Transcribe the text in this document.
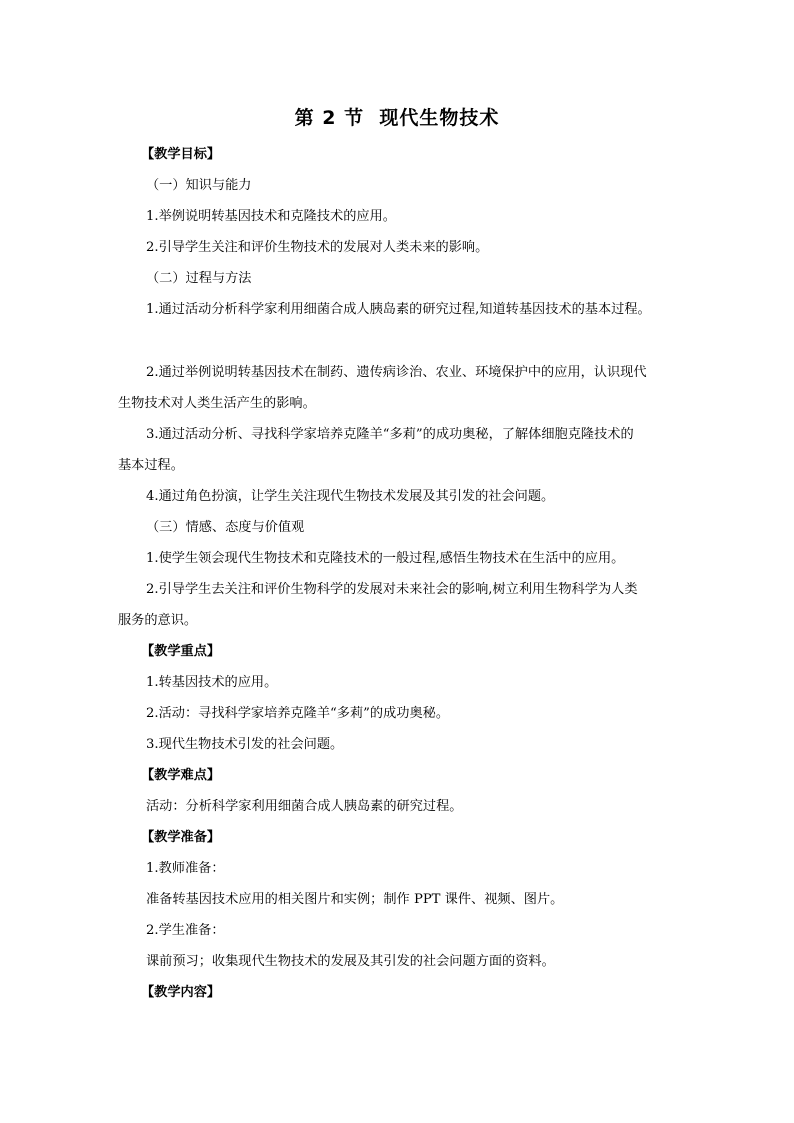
第 2 节  现代生物技术
【教学目标】
（一）知识与能力
1.举例说明转基因技术和克隆技术的应用。
2.引导学生关注和评价生物技术的发展对人类未来的影响。
（二）过程与方法
1.通过活动分析科学家利用细菌合成人胰岛素的研究过程,知道转基因技术的基本过程。
2.通过举例说明转基因技术在制药、遗传病诊治、农业、环境保护中的应用，认识现代
生物技术对人类生活产生的影响。
3.通过活动分析、寻找科学家培养克隆羊“多莉”的成功奥秘，了解体细胞克隆技术的
基本过程。
4.通过角色扮演，让学生关注现代生物技术发展及其引发的社会问题。
（三）情感、态度与价值观
1.使学生领会现代生物技术和克隆技术的一般过程,感悟生物技术在生活中的应用。
2.引导学生去关注和评价生物科学的发展对未来社会的影响,树立利用生物科学为人类
服务的意识。
【教学重点】
1.转基因技术的应用。
2.活动：寻找科学家培养克隆羊“多莉”的成功奥秘。
3.现代生物技术引发的社会问题。
【教学难点】
活动：分析科学家利用细菌合成人胰岛素的研究过程。
【教学准备】
1.教师准备：
准备转基因技术应用的相关图片和实例；制作 PPT 课件、视频、图片。
2.学生准备：
课前预习；收集现代生物技术的发展及其引发的社会问题方面的资料。
【教学内容】
